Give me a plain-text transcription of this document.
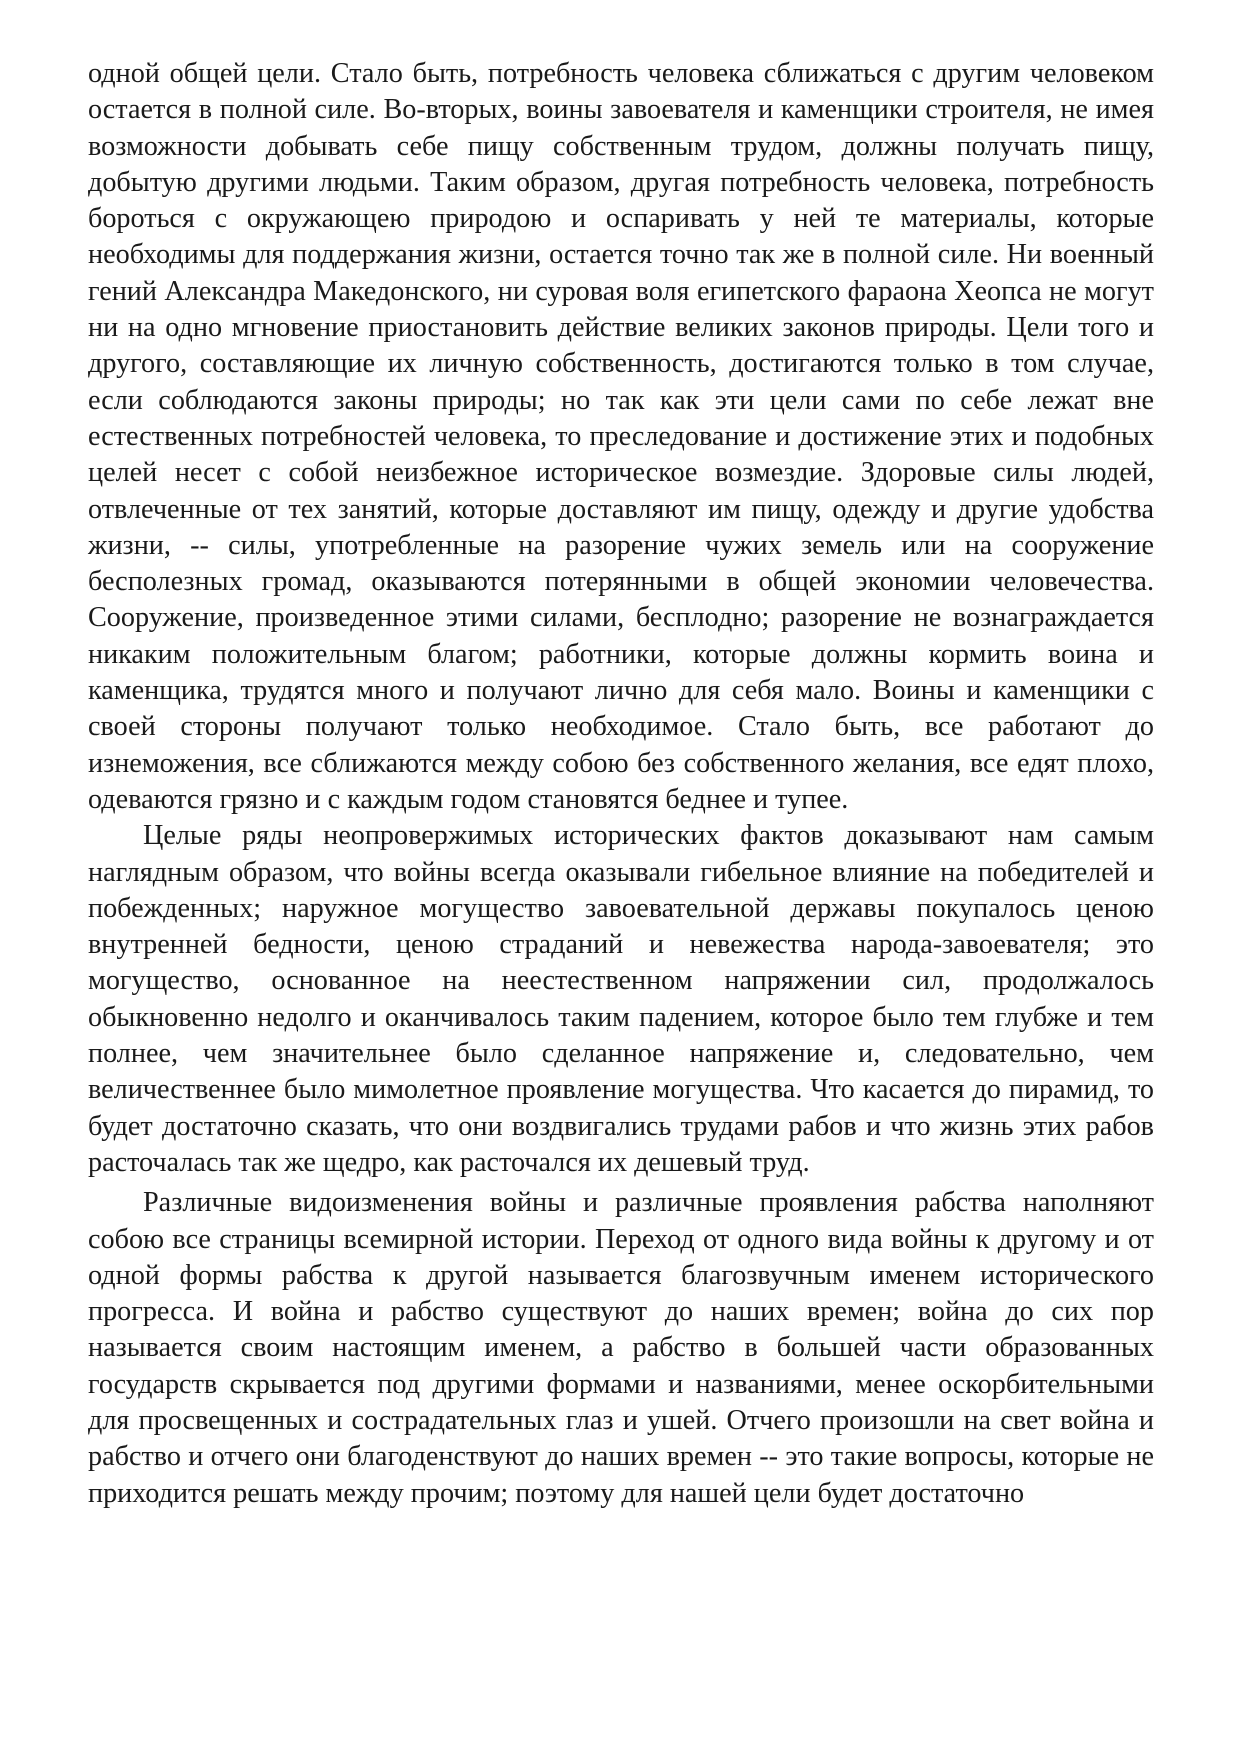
одной общей цели. Стало быть, потребность человека сближаться с другим человеком остается в полной силе. Во-вторых, воины завоевателя и каменщики строителя, не имея возможности добывать себе пищу собственным трудом, должны получать пищу, добытую другими людьми. Таким образом, другая потребность человека, потребность бороться с окружающею природою и оспаривать у ней те материалы, которые необходимы для поддержания жизни, остается точно так же в полной силе. Ни военный гений Александра Македонского, ни суровая воля египетского фараона Хеопса не могут ни на одно мгновение приостановить действие великих законов природы. Цели того и другого, составляющие их личную собственность, достигаются только в том случае, если соблюдаются законы природы; но так как эти цели сами по себе лежат вне естественных потребностей человека, то преследование и достижение этих и подобных целей несет с собой неизбежное историческое возмездие. Здоровые силы людей, отвлеченные от тех занятий, которые доставляют им пищу, одежду и другие удобства жизни, -- силы, употребленные на разорение чужих земель или на сооружение бесполезных громад, оказываются потерянными в общей экономии человечества. Сооружение, произведенное этими силами, бесплодно; разорение не вознаграждается никаким положительным благом; работники, которые должны кормить воина и каменщика, трудятся много и получают лично для себя мало. Воины и каменщики с своей стороны получают только необходимое. Стало быть, все работают до изнеможения, все сближаются между собою без собственного желания, все едят плохо, одеваются грязно и с каждым годом становятся беднее и тупее.

Целые ряды неопровержимых исторических фактов доказывают нам самым наглядным образом, что войны всегда оказывали гибельное влияние на победителей и побежденных; наружное могущество завоевательной державы покупалось ценою внутренней бедности, ценою страданий и невежества народа-завоевателя; это могущество, основанное на неестественном напряжении сил, продолжалось обыкновенно недолго и оканчивалось таким падением, которое было тем глубже и тем полнее, чем значительнее было сделанное напряжение и, следовательно, чем величественнее было мимолетное проявление могущества. Что касается до пирамид, то будет достаточно сказать, что они воздвигались трудами рабов и что жизнь этих рабов расточалась так же щедро, как расточался их дешевый труд.

Различные видоизменения войны и различные проявления рабства наполняют собою все страницы всемирной истории. Переход от одного вида войны к другому и от одной формы рабства к другой называется благозвучным именем исторического прогресса. И война и рабство существуют до наших времен; война до сих пор называется своим настоящим именем, а рабство в большей части образованных государств скрывается под другими формами и названиями, менее оскорбительными для просвещенных и сострадательных глаз и ушей. Отчего произошли на свет война и рабство и отчего они благоденствуют до наших времен -- это такие вопросы, которые не приходится решать между прочим; поэтому для нашей цели будет достаточно
